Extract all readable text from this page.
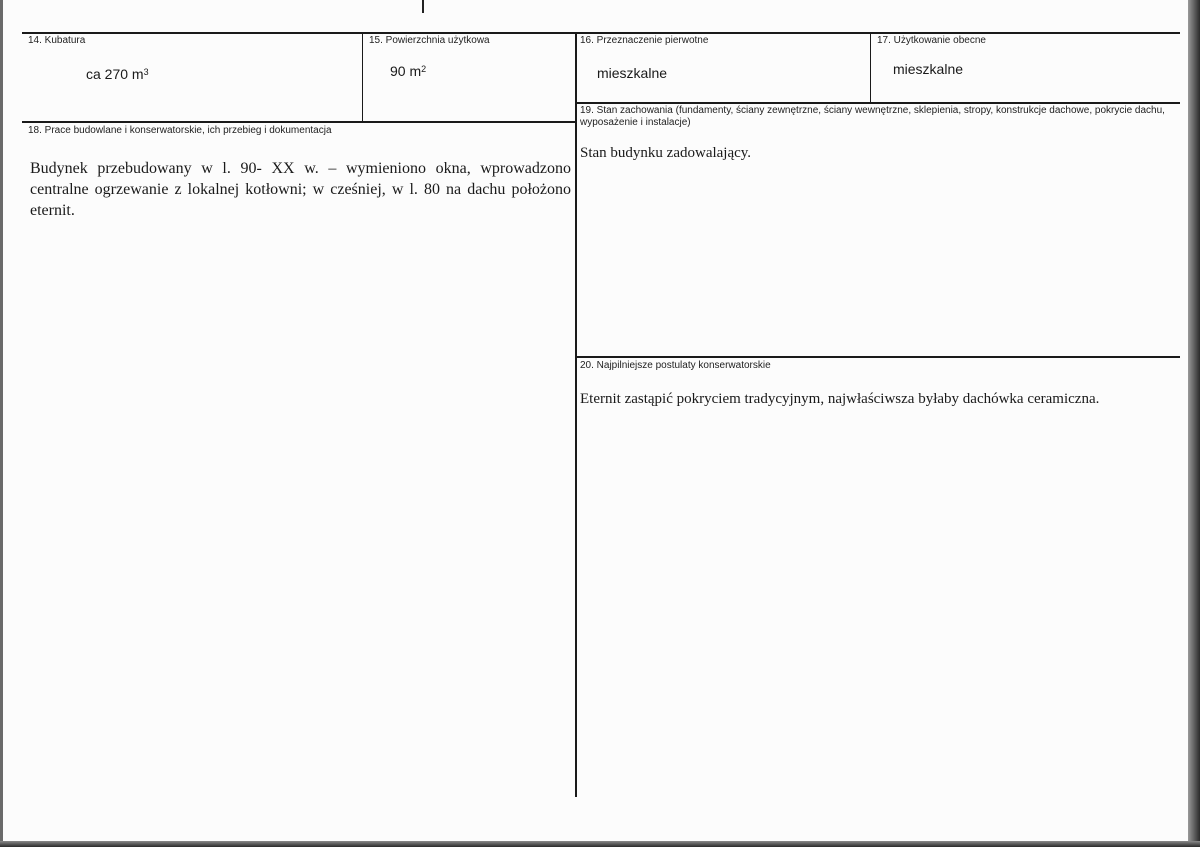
14. Kubatura
ca 270 $m^3$
15. Powierzchnia użytkowa
90 $m^2$
16. Przeznaczenie pierwotne
mieszkalne
17. Użytkowanie obecne
mieszkalne
18. Prace budowlane i konserwatorskie, ich przebieg i dokumentacja
Budynek przebudowany w l. 90- XX w. – wymieniono okna, wprowadzono centralne ogrzewanie z lokalnej kotłowni; w cześniej, w l. 80 na dachu położono eternit.
19. Stan zachowania (fundamenty, ściany zewnętrzne, ściany wewnętrzne, sklepienia, stropy, konstrukcje dachowe, pokrycie dachu, wyposażenie i instalacje)
Stan budynku zadowalający.
20. Najpilniejsze postulaty konserwatorskie
Eternit zastąpić pokryciem tradycyjnym, najwłaściwsza byłaby dachówka ceramiczna.
